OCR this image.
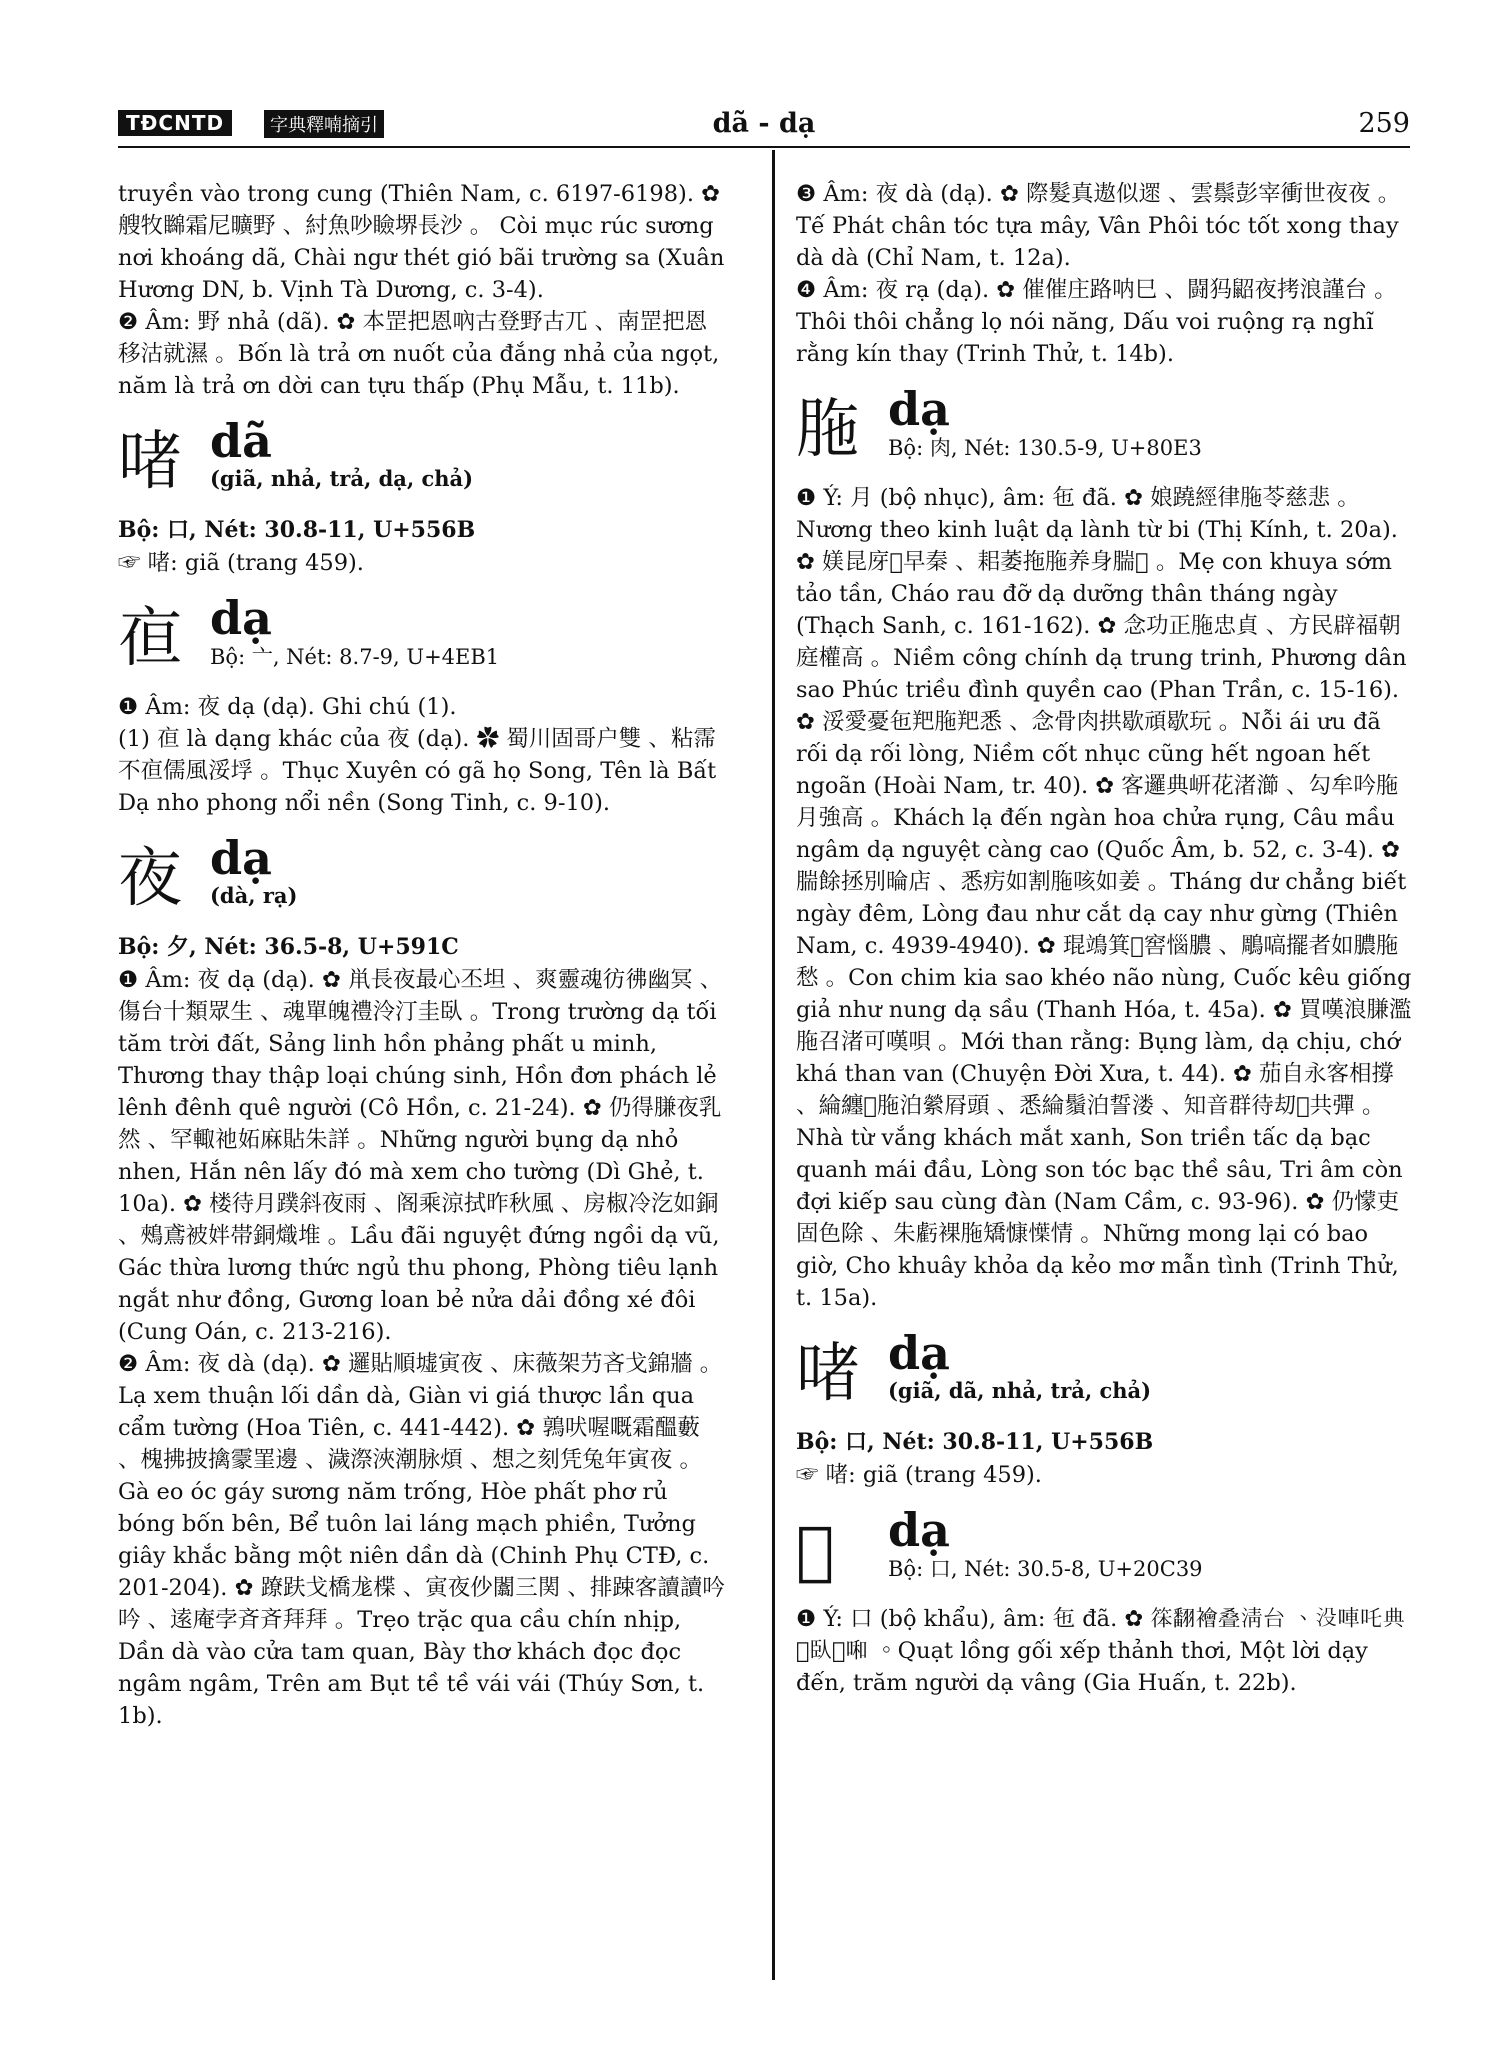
TĐCNTD	字典釋喃摘引	dã - dạ	259

truyền vào trong cung (Thiên Nam, c. 6197-6198). ✿ 艘牧矊霜尼曠野 、紂魚吵瞼堺長沙 。 Còi mục rúc sương nơi khoáng dã, Chài ngư thét gió bãi trường sa (Xuân Hương DN, b. Vịnh Tà Dương, c. 3-4).

❷ Âm: 野 nhả (dã). ✿ 本罡把恩吶古登野古兀 、南罡把恩移沽就濕 。Bốn là trả ơn nuốt của đắng nhả của ngọt, năm là trả ơn dời can tựu thấp (Phụ Mẫu, t. 11b).

啫 dã
(giã, nhả, trả, dạ, chả)
Bộ: 口, Nét: 30.8-11, U+556B

☞ 啫: giã (trang 459).

亱 dạ
Bộ: 亠, Nét: 8.7-9, U+4EB1

❶ Âm: 夜 dạ (dạ). Ghi chú (1).

(1) 亱 là dạng khác của 夜 (dạ). ✿ 蜀川固哥户雙 、粘霈不亱儒風浽垺 。Thục Xuyên có gã họ Song, Tên là Bất Dạ nho phong nổi nền (Song Tinh, c. 9-10).

夜 dạ
(dà, rạ)
Bộ: 夕, Nét: 36.5-8, U+591C

❶ Âm: 夜 dạ (dạ). ✿ 鼡長夜最心丕坦 、爽靈魂彷彿幽冥 、傷台十類眾生 、魂單魄禮泠汀圭臥 。Trong trường dạ tối tăm trời đất, Sảng linh hồn phảng phất u minh, Thương thay thập loại chúng sinh, Hồn đơn phách lẻ lênh đênh quê người (Cô Hồn, c. 21-24). ✿ 仍得膁夜乳然 、罕輙祂妬麻貼朱詳 。Những người bụng dạ nhỏ nhen, Hắn nên lấy đó mà xem cho tường (Dì Ghẻ, t. 10a). ✿ 楼待月蹼斜夜雨 、阁乘涼拭昨秋風 、房椒冷汔如銅 、鵊鳶被姅帯銅熾堆 。Lầu đãi nguyệt đứng ngồi dạ vũ, Gác thừa lương thức ngủ thu phong, Phòng tiêu lạnh ngắt như đồng, Gương loan bẻ nửa dải đồng xé đôi (Cung Oán, c. 213-216).

❷ Âm: 夜 dà (dạ). ✿ 邏貼順墟寅夜 、床薇架芀吝戈錦牆 。Lạ xem thuận lối dần dà, Giàn vi giá thược lần qua cẩm tường (Hoa Tiên, c. 441-442). ✿ 鶉吠喔嘅霜醞藪 、槐拂披擒霥罣邊 、濊漈浹潮脉煩 、想之刻凭兔年寅夜 。Gà eo óc gáy sương năm trống, Hòe phất phơ rủ bóng bốn bên, Bể tuôn lai láng mạch phiền, Tưởng giây khắc bằng một niên dần dà (Chinh Phụ CTĐ, c. 201-204). ✿ 蹽趺戈橋尨楪 、寅夜仯闟三関 、排踈客讀讀吟吟 、逺庵孛斉斉拜拜 。Trẹo trặc qua cầu chín nhịp, Dần dà vào cửa tam quan, Bày thơ khách đọc đọc ngâm ngâm, Trên am Bụt tề tề vái vái (Thúy Sơn, t. 1b).

❸ Âm: 夜 dà (dạ). ✿ 際髮真遨似遝 、雲鬃彭宰衝世夜夜 。Tế Phát chân tóc tựa mây, Vân Phôi tóc tốt xong thay dà dà (Chỉ Nam, t. 12a).

❹ Âm: 夜 rạ (dạ). ✿ 催催庄路呐巳 、闘犸鼦夜拷浪謹台 。Thôi thôi chẳng lọ nói năng, Dấu voi ruộng rạ nghĩ rằng kín thay (Trinh Thử, t. 14b).

胣 dạ
Bộ: 肉, Nét: 130.5-9, U+80E3

❶ Ý: 月 (bộ nhục), âm: 㐌 đã. ✿ 娘蹺經律胣苓慈悲 。Nương theo kinh luật dạ lành từ bi (Thị Kính, t. 20a). ✿ 媄昆庌𡗶早秦 、耜萎拖胣养身腨𠸗 。Mẹ con khuya sớm tảo tần, Cháo rau đỡ dạ dưỡng thân tháng ngày (Thạch Sanh, c. 161-162). ✿ 念功正胣忠貞 、方民辟福朝庭權高 。Niềm công chính dạ trung trinh, Phương dân sao Phúc triều đình quyền cao (Phan Trần, c. 15-16). ✿ 浽愛憂㐌羓胣羓悉 、念骨肉拱歇頑歇玩 。Nỗi ái ưu đã rối dạ rối lòng, Niềm cốt nhục cũng hết ngoan hết ngoãn (Hoài Nam, tr. 40). ✿ 客邏典岍花渚瀄 、勾牟吟胣月強高 。Khách lạ đến ngàn hoa chửa rụng, Câu mầu ngâm dạ nguyệt càng cao (Quốc Âm, b. 52, c. 3-4). ✿ 腨餘拯別㫻店 、悉疠如割胣咳如姜 。Tháng dư chẳng biết ngày đêm, Lòng đau như cắt dạ cay như gừng (Thiên Nam, c. 4939-4940). ✿ 琨鴗箕𨱽窖惱膿 、鵰嗃擺者如膿胣愁 。Con chim kia sao khéo não nùng, Cuốc kêu giống giả như nung dạ sầu (Thanh Hóa, t. 45a). ✿ 買嘆浪膁濫胣召渚可嘆唄 。Mới than rằng: Bụng làm, dạ chịu, chớ khá than van (Chuyện Đời Xưa, t. 44). ✿ 茄自永客相撐 、綸纏𡗶胣泊縈㞕頭 、悉綸鬚泊誓溇 、知音群待刧𧿨共彈 。Nhà từ vắng khách mắt xanh, Son triền tấc dạ bạc quanh mái đầu, Lòng son tóc bạc thề sâu, Tri âm còn đợi kiếp sau cùng đàn (Nam Cầm, c. 93-96). ✿ 仍懞吏固色除 、朱虧裸胣矯慷𢢲情 。Những mong lại có bao giờ, Cho khuây khỏa dạ kẻo mơ mẫn tình (Trinh Thử, t. 15a).

啫 dạ
(giã, dã, nhả, trả, chả)
Bộ: 口, Nét: 30.8-11, U+556B

☞ 啫: giã (trang 459).

𠰹 dạ
Bộ: 口, Nét: 30.5-8, U+20C39

❶ Ý: 口 (bộ khẩu), âm: 㐌 đã. ✿ 𥮋翻襘叠清台 、没唓吒典𡗉臥𠰹啝 。Quạt lồng gối xếp thảnh thơi, Một lời dạy đến, trăm người dạ vâng (Gia Huấn, t. 22b).
